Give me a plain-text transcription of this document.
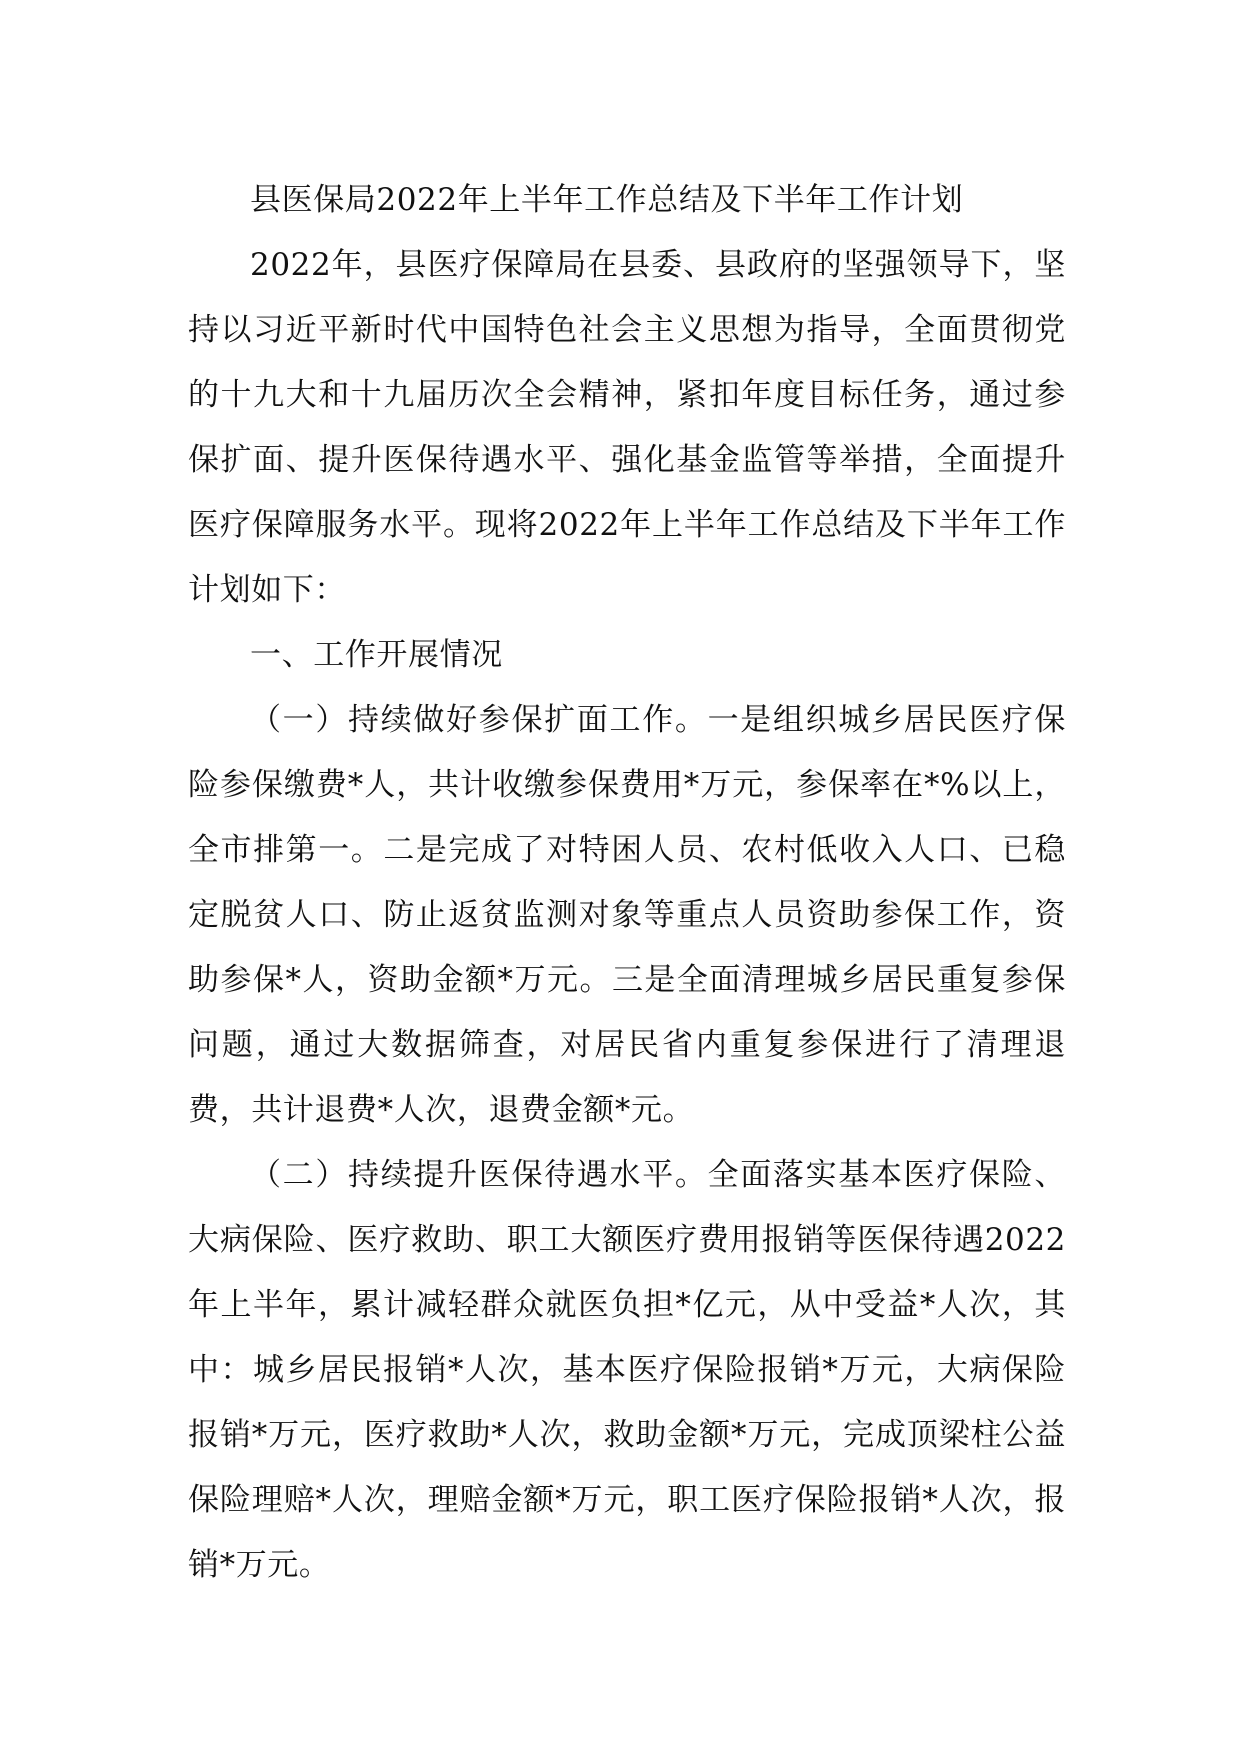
县医保局2022年上半年工作总结及下半年工作计划

2022年，县医疗保障局在县委、县政府的坚强领导下，坚持以习近平新时代中国特色社会主义思想为指导，全面贯彻党的十九大和十九届历次全会精神，紧扣年度目标任务，通过参保扩面、提升医保待遇水平、强化基金监管等举措，全面提升医疗保障服务水平。现将2022年上半年工作总结及下半年工作计划如下：

一、工作开展情况

（一）持续做好参保扩面工作。一是组织城乡居民医疗保险参保缴费*人，共计收缴参保费用*万元，参保率在*%以上，全市排第一。二是完成了对特困人员、农村低收入人口、已稳定脱贫人口、防止返贫监测对象等重点人员资助参保工作，资助参保*人，资助金额*万元。三是全面清理城乡居民重复参保问题，通过大数据筛查，对居民省内重复参保进行了清理退费，共计退费*人次，退费金额*元。

（二）持续提升医保待遇水平。全面落实基本医疗保险、大病保险、医疗救助、职工大额医疗费用报销等医保待遇2022年上半年，累计减轻群众就医负担*亿元，从中受益*人次，其中：城乡居民报销*人次，基本医疗保险报销*万元，大病保险报销*万元，医疗救助*人次，救助金额*万元，完成顶梁柱公益保险理赔*人次，理赔金额*万元，职工医疗保险报销*人次，报销*万元。
